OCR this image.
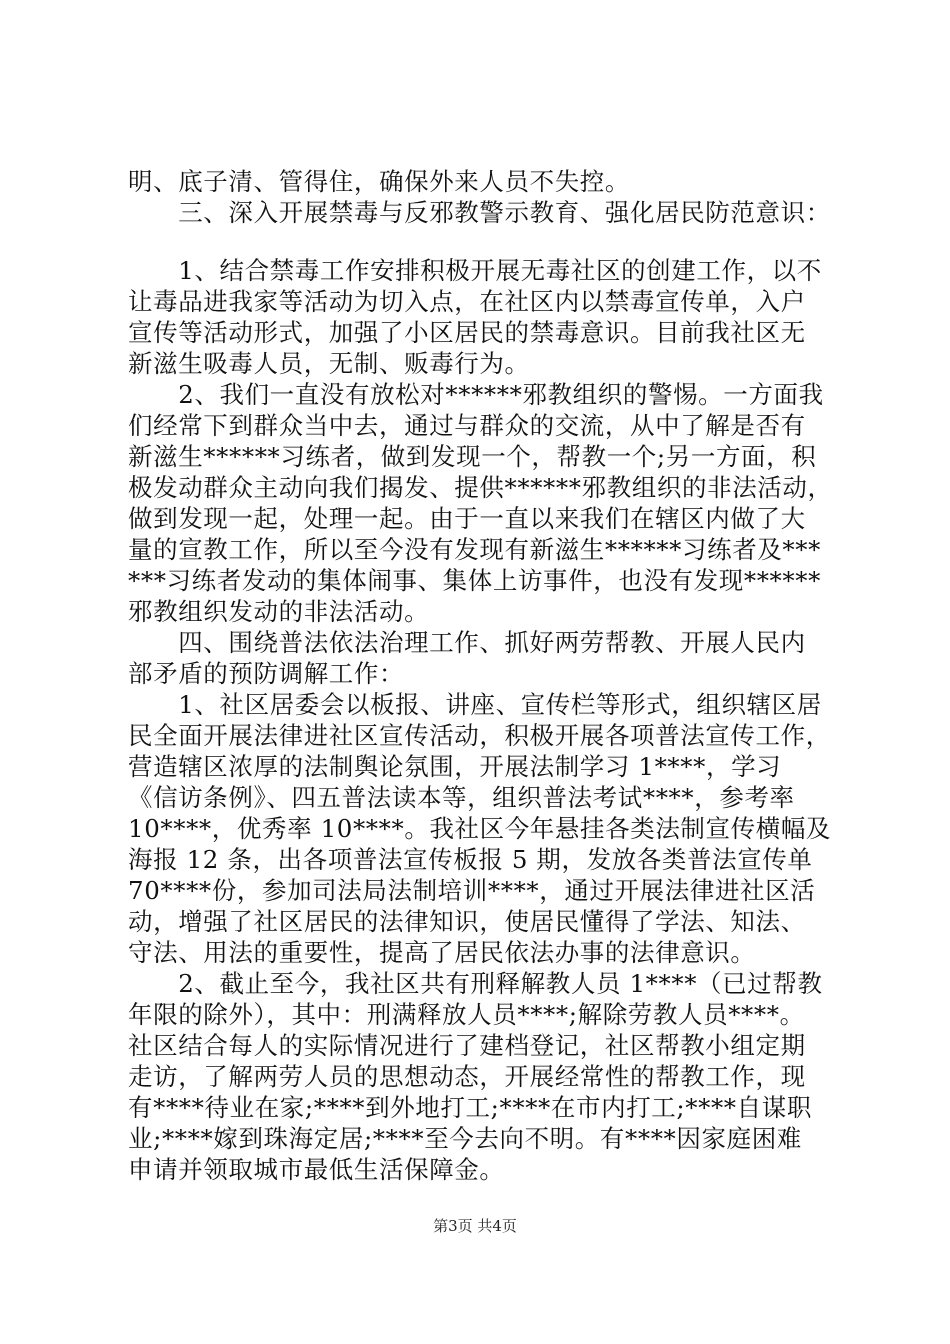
明、底子清、管得住，确保外来人员不失控。
　　三、深入开展禁毒与反邪教警示教育、强化居民防范意识：
　　1、结合禁毒工作安排积极开展无毒社区的创建工作，以不
让毒品进我家等活动为切入点，在社区内以禁毒宣传单，入户
宣传等活动形式，加强了小区居民的禁毒意识。目前我社区无
新滋生吸毒人员，无制、贩毒行为。
　　2、我们一直没有放松对******邪教组织的警惕。一方面我
们经常下到群众当中去，通过与群众的交流，从中了解是否有
新滋生******习练者，做到发现一个，帮教一个;另一方面，积
极发动群众主动向我们揭发、提供******邪教组织的非法活动，
做到发现一起，处理一起。由于一直以来我们在辖区内做了大
量的宣教工作，所以至今没有发现有新滋生******习练者及***
***习练者发动的集体闹事、集体上访事件，也没有发现******
邪教组织发动的非法活动。
　　四、围绕普法依法治理工作、抓好两劳帮教、开展人民内
部矛盾的预防调解工作：
　　1、社区居委会以板报、讲座、宣传栏等形式，组织辖区居
民全面开展法律进社区宣传活动，积极开展各项普法宣传工作，
营造辖区浓厚的法制舆论氛围，开展法制学习 1****，学习
《信访条例》、四五普法读本等，组织普法考试****，参考率
10****，优秀率 10****。我社区今年悬挂各类法制宣传横幅及
海报 12 条，出各项普法宣传板报 5 期，发放各类普法宣传单
70****份，参加司法局法制培训****，通过开展法律进社区活
动，增强了社区居民的法律知识，使居民懂得了学法、知法、
守法、用法的重要性，提高了居民依法办事的法律意识。
　　2、截止至今，我社区共有刑释解教人员 1****（已过帮教
年限的除外），其中：刑满释放人员****;解除劳教人员****。
社区结合每人的实际情况进行了建档登记，社区帮教小组定期
走访，了解两劳人员的思想动态，开展经常性的帮教工作，现
有****待业在家;****到外地打工;****在市内打工;****自谋职
业;****嫁到珠海定居;****至今去向不明。有****因家庭困难
申请并领取城市最低生活保障金。
第3页 共4页
